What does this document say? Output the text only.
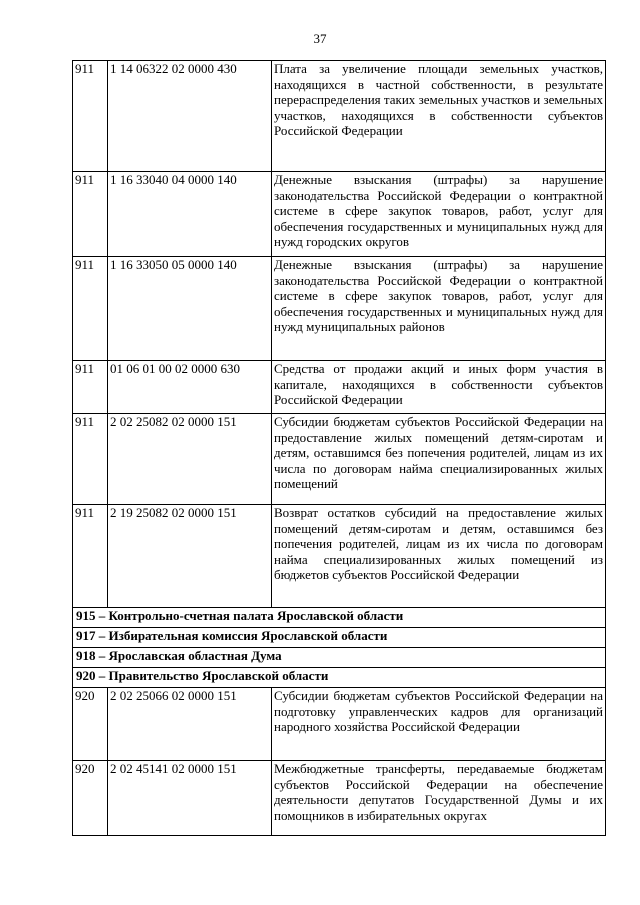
37
911	1 14 06322 02 0000 430	Плата за увеличение площади земельных участков, находящихся в частной собственности, в результате перераспределения таких земельных участков и земельных участков, находящихся в собственности субъектов Российской Федерации
911	1 16 33040 04 0000 140	Денежные взыскания (штрафы) за нарушение законодательства Российской Федерации о контрактной системе в сфере закупок товаров, работ, услуг для обеспечения государственных и муниципальных нужд для нужд городских округов
911	1 16 33050 05 0000 140	Денежные взыскания (штрафы) за нарушение законодательства Российской Федерации о контрактной системе в сфере закупок товаров, работ, услуг для обеспечения государственных и муниципальных нужд для нужд муниципальных районов
911	01 06 01 00 02 0000 630	Средства от продажи акций и иных форм участия в капитале, находящихся в собственности субъектов Российской Федерации
911	2 02 25082 02 0000 151	Субсидии бюджетам субъектов Российской Федерации на предоставление жилых помещений детям-сиротам и детям, оставшимся без попечения родителей, лицам из их числа по договорам найма специализированных жилых помещений
911	2 19 25082 02 0000 151	Возврат остатков субсидий на предоставление жилых помещений детям-сиротам и детям, оставшимся без попечения родителей, лицам из их числа по договорам найма специализированных жилых помещений из бюджетов субъектов Российской Федерации
915 – Контрольно-счетная палата Ярославской области		
917 – Избирательная комиссия Ярославской области		
918 – Ярославская областная Дума		
920 – Правительство Ярославской области		
920	2 02 25066 02 0000 151	Субсидии бюджетам субъектов Российской Федерации на подготовку управленческих кадров для организаций народного хозяйства Российской Федерации
920	2 02 45141 02 0000 151	Межбюджетные трансферты, передаваемые бюджетам субъектов Российской Федерации на обеспечение деятельности депутатов Государственной Думы и их помощников в избирательных округах
